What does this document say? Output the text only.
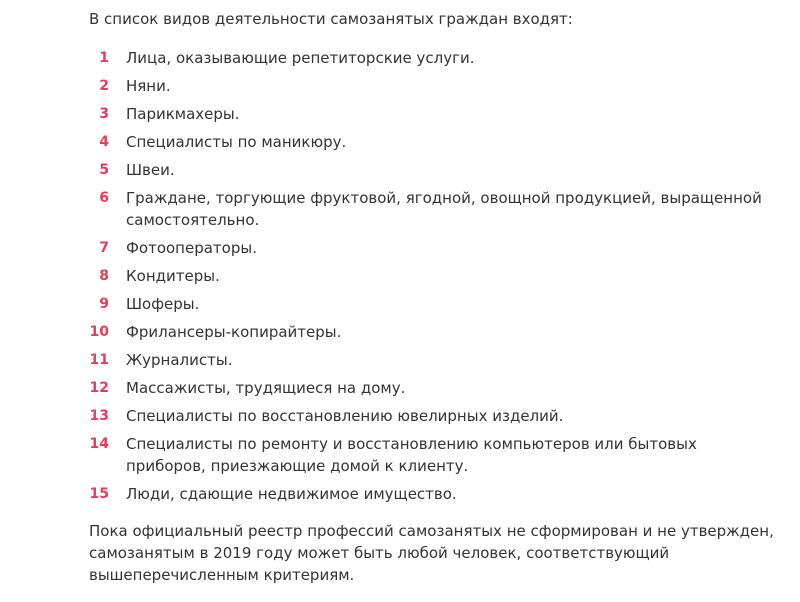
В список видов деятельности самозанятых граждан входят:

1	Лица, оказывающие репетиторские услуги.
2	Няни.
3	Парикмахеры.
4	Специалисты по маникюру.
5	Швеи.
6	Граждане, торгующие фруктовой, ягодной, овощной продукцией, выращенной самостоятельно.
7	Фотооператоры.
8	Кондитеры.
9	Шоферы.
10	Фрилансеры-копирайтеры.
11	Журналисты.
12	Массажисты, трудящиеся на дому.
13	Специалисты по восстановлению ювелирных изделий.
14	Специалисты по ремонту и восстановлению компьютеров или бытовых приборов, приезжающие домой к клиенту.
15	Люди, сдающие недвижимое имущество.

Пока официальный реестр профессий самозанятых не сформирован и не утвержден, самозанятым в 2019 году может быть любой человек, соответствующий вышеперечисленным критериям.
